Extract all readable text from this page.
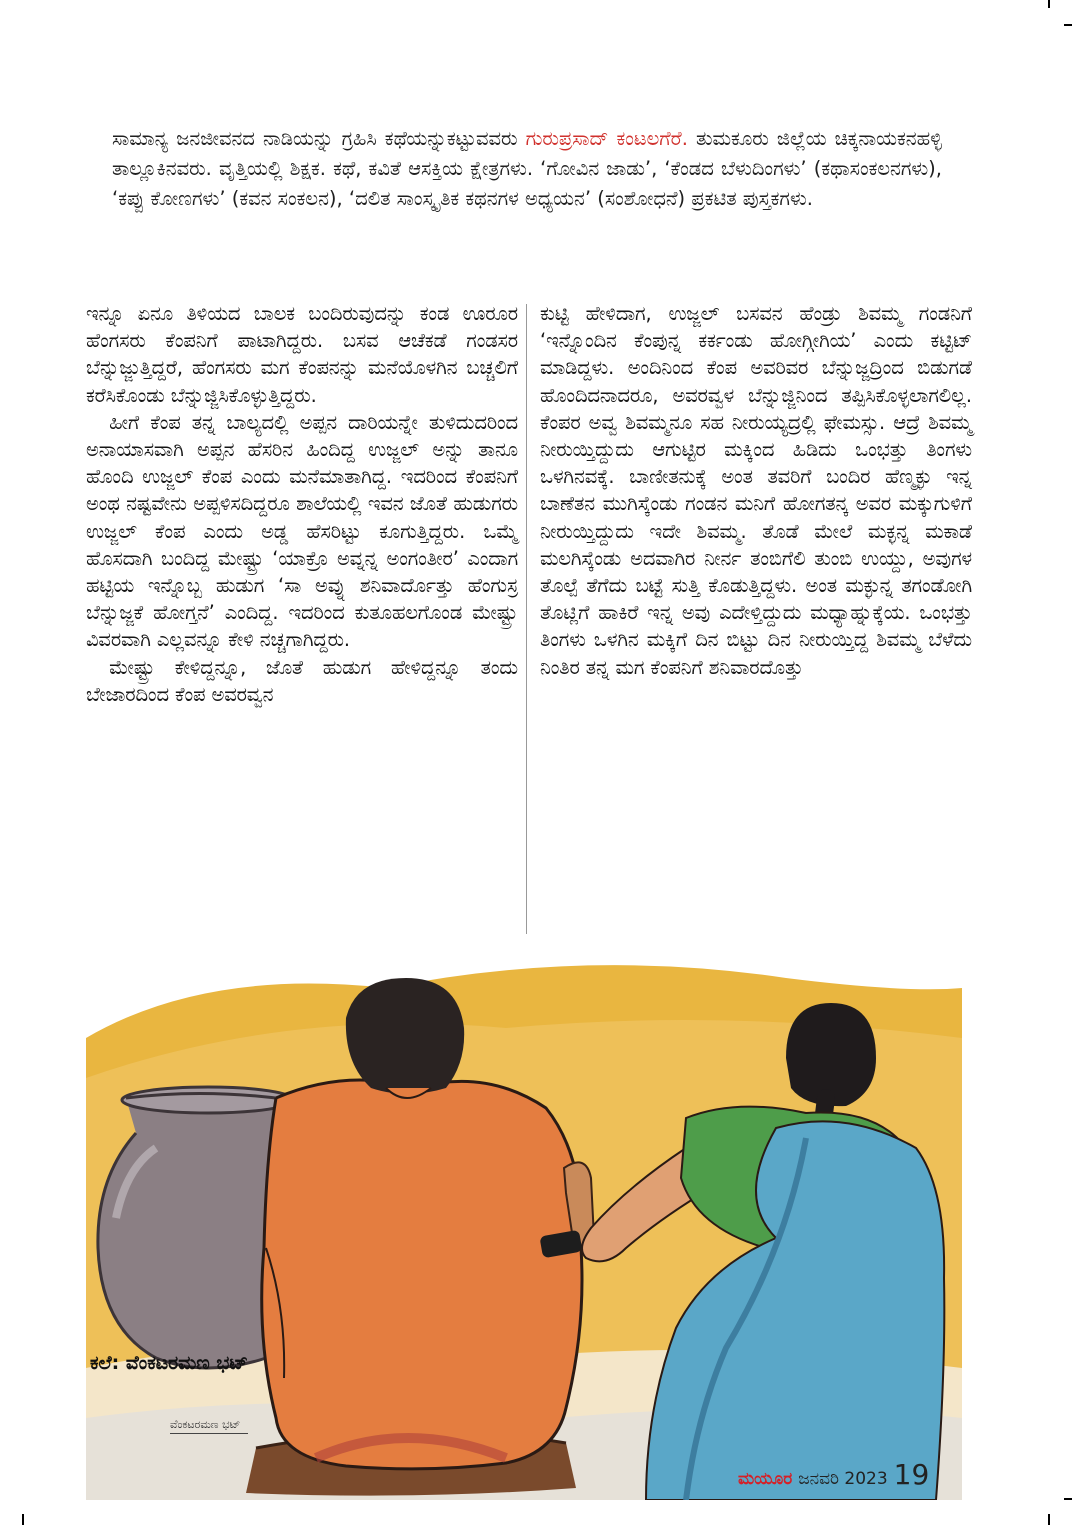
ಸಾಮಾನ್ಯ ಜನಜೀವನದ ನಾಡಿಯನ್ನು ಗ್ರಹಿಸಿ ಕಥೆಯನ್ನುಕಟ್ಟುವವರು ಗುರುಪ್ರಸಾದ್ ಕಂಟಲಗೆರೆ. ತುಮಕೂರು ಜಿಲ್ಲೆಯ ಚಿಕ್ಕನಾಯಕನಹಳ್ಳಿ ತಾಲ್ಲೂಕಿನವರು. ವೃತ್ತಿಯಲ್ಲಿ ಶಿಕ್ಷಕ. ಕಥೆ, ಕವಿತೆ ಆಸಕ್ತಿಯ ಕ್ಷೇತ್ರಗಳು. ‘ಗೋವಿನ ಜಾಡು’, ‘ಕೆಂಡದ ಬೆಳುದಿಂಗಳು’ (ಕಥಾಸಂಕಲನಗಳು), ‘ಕಪ್ಪು ಕೋಣಗಳು’ (ಕವನ ಸಂಕಲನ), ‘ದಲಿತ ಸಾಂಸ್ಕೃತಿಕ ಕಥನಗಳ ಅಧ್ಯಯನ’ (ಸಂಶೋಧನೆ) ಪ್ರಕಟಿತ ಪುಸ್ತಕಗಳು.

ಇನ್ನೂ ಏನೂ ತಿಳಿಯದ ಬಾಲಕ ಬಂದಿರುವುದನ್ನು ಕಂಡ ಊರೂರ ಹೆಂಗಸರು ಕೆಂಪನಿಗೆ ಪಾಟಾಗಿದ್ದರು. ಬಸವ ಆಚೆಕಡೆ ಗಂಡಸರ ಬೆನ್ನುಜ್ಜುತ್ತಿದ್ದರೆ, ಹೆಂಗಸರು ಮಗ ಕೆಂಪನನ್ನು ಮನೆಯೊಳಗಿನ ಬಚ್ಚಲಿಗೆ ಕರೆಸಿಕೊಂಡು ಬೆನ್ನುಜ್ಜಿಸಿಕೊಳ್ಳುತ್ತಿದ್ದರು.

ಹೀಗೆ ಕೆಂಪ ತನ್ನ ಬಾಲ್ಯದಲ್ಲಿ ಅಪ್ಪನ ದಾರಿಯನ್ನೇ ತುಳಿದುದರಿಂದ ಅನಾಯಾಸವಾಗಿ ಅಪ್ಪನ ಹೆಸರಿನ ಹಿಂದಿದ್ದ ಉಜ್ಜಲ್ ಅನ್ನು ತಾನೂ ಹೊಂದಿ ಉಜ್ಜಲ್ ಕೆಂಪ ಎಂದು ಮನೆಮಾತಾಗಿದ್ದ. ಇದರಿಂದ ಕೆಂಪನಿಗೆ ಅಂಥ ನಷ್ಟವೇನು ಅಪ್ಪಳಿಸದಿದ್ದರೂ ಶಾಲೆಯಲ್ಲಿ ಇವನ ಜೊತೆ ಹುಡುಗರು ಉಜ್ಜಲ್ ಕೆಂಪ ಎಂದು ಅಡ್ಡ ಹೆಸರಿಟ್ಟು ಕೂಗುತ್ತಿದ್ದರು. ಒಮ್ಮೆ ಹೊಸದಾಗಿ ಬಂದಿದ್ದ ಮೇಷ್ಟ್ರು ‘ಯಾಕ್ರೊ ಅವ್ನನ್ನ ಅಂಗಂತೀರ’ ಎಂದಾಗ ಹಟ್ಟಿಯ ಇನ್ನೊಬ್ಬ ಹುಡುಗ ‘ಸಾ ಅವ್ನು ಶನಿವಾರ್ದೊತ್ತು ಹೆಂಗುಸ್ರ ಬೆನ್ನುಜ್ಜಕೆ ಹೋಗ್ತನೆ’ ಎಂದಿದ್ದ. ಇದರಿಂದ ಕುತೂಹಲಗೊಂಡ ಮೇಷ್ಟ್ರು ವಿವರವಾಗಿ ಎಲ್ಲವನ್ನೂ ಕೇಳಿ ನಚ್ಚಗಾಗಿದ್ದರು.

ಮೇಷ್ಟ್ರು ಕೇಳಿದ್ದನ್ನೂ, ಜೊತೆ ಹುಡುಗ ಹೇಳಿದ್ದನ್ನೂ ತಂದು ಬೇಜಾರದಿಂದ ಕೆಂಪ ಅವರವ್ವನ

ಕುಟ್ಟಿ ಹೇಳಿದಾಗ, ಉಜ್ಜಲ್ ಬಸವನ ಹೆಂಡ್ರು ಶಿವಮ್ಮ ಗಂಡನಿಗೆ ‘ಇನ್ನೊಂದಿನ ಕೆಂಪುನ್ನ ಕರ್ಕಂಡು ಹೋಗ್ಗೀಗಿಯ’ ಎಂದು ಕಟ್ಟಿಟ್ ಮಾಡಿದ್ದಳು. ಅಂದಿನಿಂದ ಕೆಂಪ ಅವರಿವರ ಬೆನ್ನುಜ್ಜದ್ರಿಂದ ಬಿಡುಗಡೆ ಹೊಂದಿದನಾದರೂ, ಅವರವ್ವಳ ಬೆನ್ನುಜ್ಜಿನಿಂದ ತಪ್ಪಿಸಿಕೊಳ್ಳಲಾಗಲಿಲ್ಲ. ಕೆಂಪರ ಅವ್ವ ಶಿವಮ್ಮನೂ ಸಹ ನೀರುಯ್ಯದ್ರಲ್ಲಿ ಫೇಮಸ್ಸು. ಆದ್ರೆ ಶಿವಮ್ಮ ನೀರುಯ್ತಿದ್ದುದು ಆಗುಟ್ಟಿರ ಮಕ್ಕಿಂದ ಹಿಡಿದು ಒಂಭತ್ತು ತಿಂಗಳು ಒಳಗಿನವಕ್ಕೆ. ಬಾಣೀತನುಕ್ಕೆ ಅಂತ ತವರಿಗೆ ಬಂದಿರ ಹೆಣ್ಮಕ್ಳು ಇನ್ನ ಬಾಣೆತನ ಮುಗಿಸ್ಕೆಂಡು ಗಂಡನ ಮನಿಗೆ ಹೋಗತನ್ಕ ಅವರ ಮಕ್ಕುಗುಳಿಗೆ ನೀರುಯ್ತಿದ್ದುದು ಇದೇ ಶಿವಮ್ಮ. ತೊಡೆ ಮೇಲೆ ಮಕ್ಳನ್ನ ಮಕಾಡೆ ಮಲಗಿಸ್ಕೆಂಡು ಅದವಾಗಿರ ನೀರ್ನ ತಂಬಿಗೆಲಿ ತುಂಬಿ ಉಯ್ದು, ಅವುಗಳ ತೊಲ್ಪೆ ತೆಗೆದು ಬಟ್ಟೆ ಸುತ್ತಿ ಕೊಡುತ್ತಿದ್ದಳು. ಅಂತ ಮಕ್ಳುನ್ನ ತಗಂಡೋಗಿ ತೊಟ್ಲಿಗೆ ಹಾಕಿರೆ ಇನ್ನ ಅವು ಎದೇಳ್ತಿದ್ದುದು ಮಧ್ಯಾಹ್ನುಕ್ಕೆಯ. ಒಂಭತ್ತು ತಿಂಗಳು ಒಳಗಿನ ಮಕ್ಕಿಗೆ ದಿನ ಬಿಟ್ಟು ದಿನ ನೀರುಯ್ತಿದ್ದ ಶಿವಮ್ಮ ಬೆಳೆದು ನಿಂತಿರ ತನ್ನ ಮಗ ಕೆಂಪನಿಗೆ ಶನಿವಾರದೊತ್ತು

ಕಲೆ: ವೆಂಕಟರಮಣ ಭಟ್
ವೆಂಕಟರಮಣ ಭಟ್
ಮಯೂರ ಜನವರಿ 2023 19
